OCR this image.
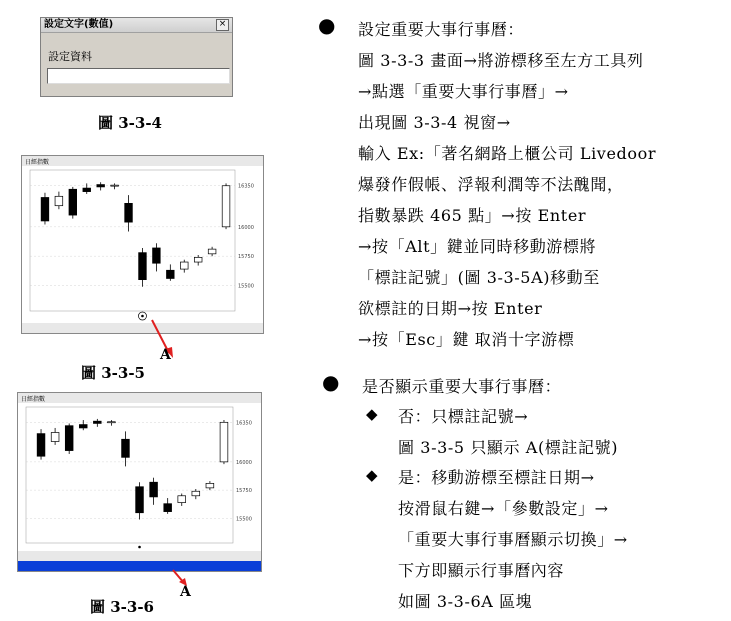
設定文字(數值)	×
設定資料
圖 3-3-4
日經指數
16350
16000
15750
15500
A
圖 3-3-5
日經指數
16350
16000
15750
15500
A
圖 3-3-6
● 設定重要大事行事曆：
圖 3-3-3 畫面→將游標移至左方工具列
→點選「重要大事行事曆」→
出現圖 3-3-4 視窗→
輸入 Ex:「著名網路上櫃公司 Livedoor
爆發作假帳、浮報利潤等不法醜聞，
指數暴跌 465 點」→按 Enter
→按「Alt」鍵並同時移動游標將
「標註記號」(圖 3-3-5A)移動至
欲標註的日期→按 Enter
→按「Esc」鍵 取消十字游標
● 是否顯示重要大事行事曆：
◆ 否：只標註記號→
圖 3-3-5 只顯示 A(標註記號)
◆ 是：移動游標至標註日期→
按滑鼠右鍵→「參數設定」→
「重要大事行事曆顯示切換」→
下方即顯示行事曆內容
如圖 3-3-6A 區塊
